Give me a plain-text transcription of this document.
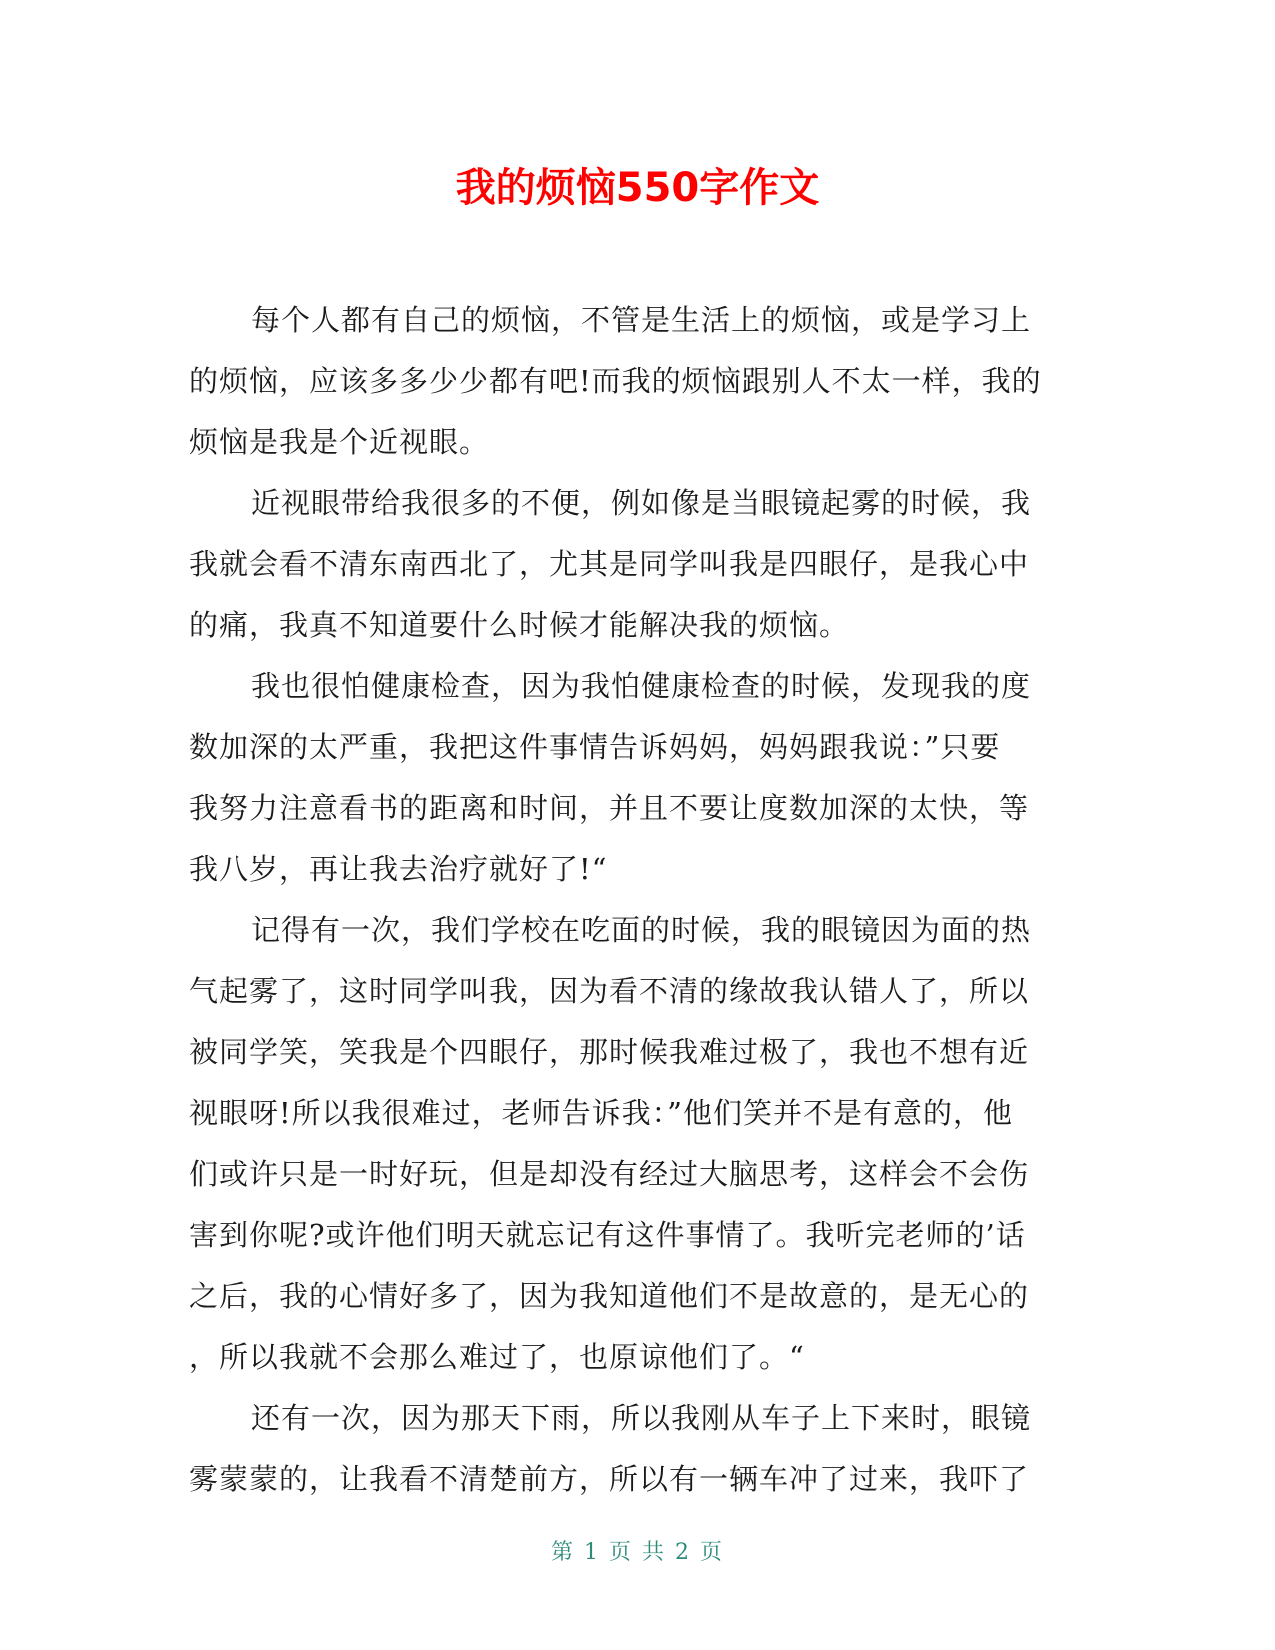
我的烦恼550字作文
每个人都有自己的烦恼，不管是生活上的烦恼，或是学习上
的烦恼，应该多多少少都有吧!而我的烦恼跟别人不太一样，我的
烦恼是我是个近视眼。
近视眼带给我很多的不便，例如像是当眼镜起雾的时候，我
我就会看不清东南西北了，尤其是同学叫我是四眼仔，是我心中
的痛，我真不知道要什么时候才能解决我的烦恼。
我也很怕健康检查，因为我怕健康检查的时候，发现我的度
数加深的太严重，我把这件事情告诉妈妈，妈妈跟我说：”只要
我努力注意看书的距离和时间，并且不要让度数加深的太快，等
我八岁，再让我去治疗就好了!“
记得有一次，我们学校在吃面的时候，我的眼镜因为面的热
气起雾了，这时同学叫我，因为看不清的缘故我认错人了，所以
被同学笑，笑我是个四眼仔，那时候我难过极了，我也不想有近
视眼呀!所以我很难过，老师告诉我：”他们笑并不是有意的，他
们或许只是一时好玩，但是却没有经过大脑思考，这样会不会伤
害到你呢?或许他们明天就忘记有这件事情了。我听完老师的’话
之后，我的心情好多了，因为我知道他们不是故意的，是无心的
，所以我就不会那么难过了，也原谅他们了。“
还有一次，因为那天下雨，所以我刚从车子上下来时，眼镜
雾蒙蒙的，让我看不清楚前方，所以有一辆车冲了过来，我吓了
第 1 页 共 2 页
